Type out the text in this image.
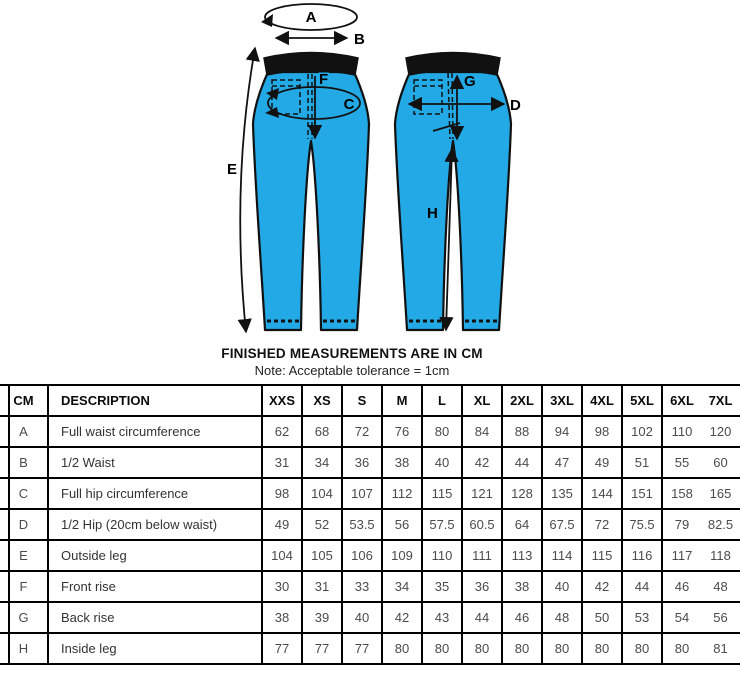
A
B
C
E
F	G
D
H
FINISHED MEASUREMENTS ARE IN CM
Note: Acceptable tolerance = 1cm
CM	DESCRIPTION	XXS	XS	S	M	L	XL	2XL	3XL	4XL	5XL	6XL	7XL
A	Full waist circumference	62	68	72	76	80	84	88	94	98	102	110	120
B	1/2 Waist	31	34	36	38	40	42	44	47	49	51	55	60
C	Full hip circumference	98	104	107	112	115	121	128	135	144	151	158	165
D	1/2 Hip (20cm below waist)	49	52	53.5	56	57.5	60.5	64	67.5	72	75.5	79	82.5
E	Outside leg	104	105	106	109	110	111	113	114	115	116	117	118
F	Front rise	30	31	33	34	35	36	38	40	42	44	46	48
G	Back rise	38	39	40	42	43	44	46	48	50	53	54	56
H	Inside leg	77	77	77	80	80	80	80	80	80	80	80	81
